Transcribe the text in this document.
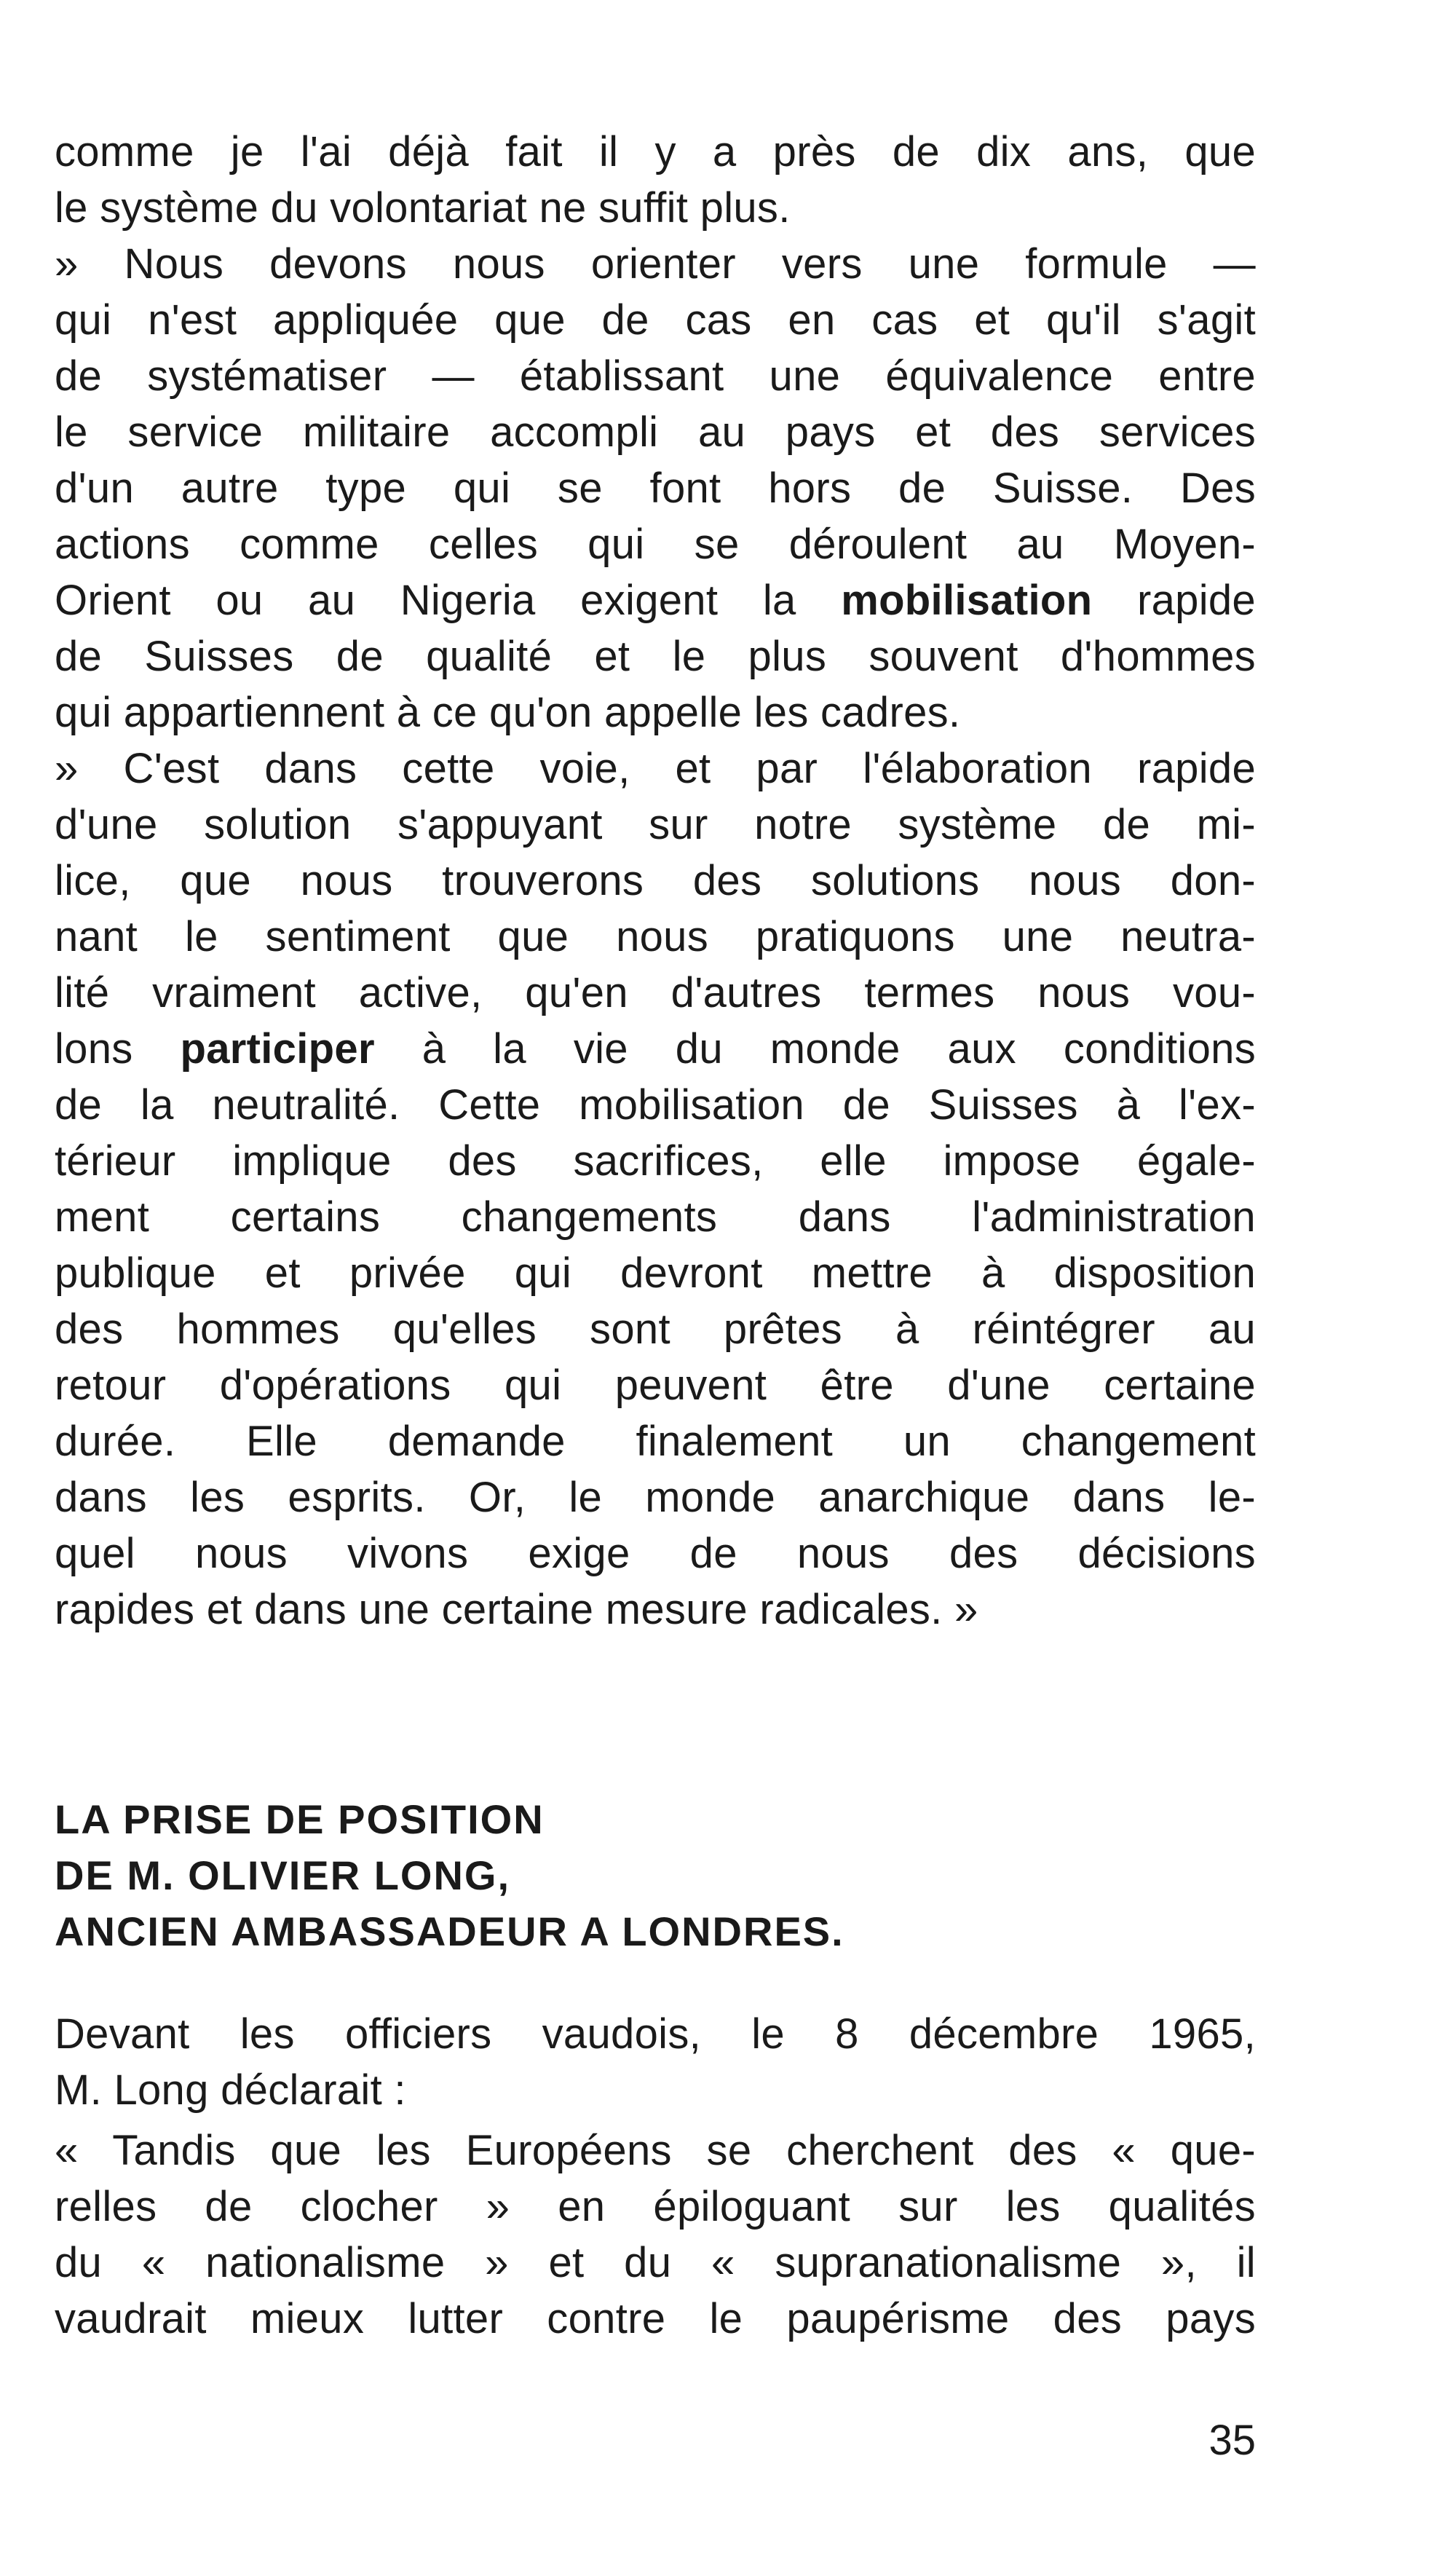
comme je l'ai déjà fait il y a près de dix ans, que
le système du volontariat ne suffit plus.
» Nous devons nous orienter vers une formule —
qui n'est appliquée que de cas en cas et qu'il s'agit
de systématiser — établissant une équivalence entre
le service militaire accompli au pays et des services
d'un autre type qui se font hors de Suisse. Des
actions comme celles qui se déroulent au Moyen-
Orient ou au Nigeria exigent la mobilisation rapide
de Suisses de qualité et le plus souvent d'hommes
qui appartiennent à ce qu'on appelle les cadres.
» C'est dans cette voie, et par l'élaboration rapide
d'une solution s'appuyant sur notre système de mi-
lice, que nous trouverons des solutions nous don-
nant le sentiment que nous pratiquons une neutra-
lité vraiment active, qu'en d'autres termes nous vou-
lons participer à la vie du monde aux conditions
de la neutralité. Cette mobilisation de Suisses à l'ex-
térieur implique des sacrifices, elle impose égale-
ment certains changements dans l'administration
publique et privée qui devront mettre à disposition
des hommes qu'elles sont prêtes à réintégrer au
retour d'opérations qui peuvent être d'une certaine
durée. Elle demande finalement un changement
dans les esprits. Or, le monde anarchique dans le-
quel nous vivons exige de nous des décisions
rapides et dans une certaine mesure radicales. »
LA PRISE DE POSITION
DE M. OLIVIER LONG,
ANCIEN AMBASSADEUR A LONDRES.
Devant les officiers vaudois, le 8 décembre 1965,
M. Long déclarait :
« Tandis que les Européens se cherchent des « que-
relles de clocher » en épiloguant sur les qualités
du « nationalisme » et du « supranationalisme », il
vaudrait mieux lutter contre le paupérisme des pays
35
